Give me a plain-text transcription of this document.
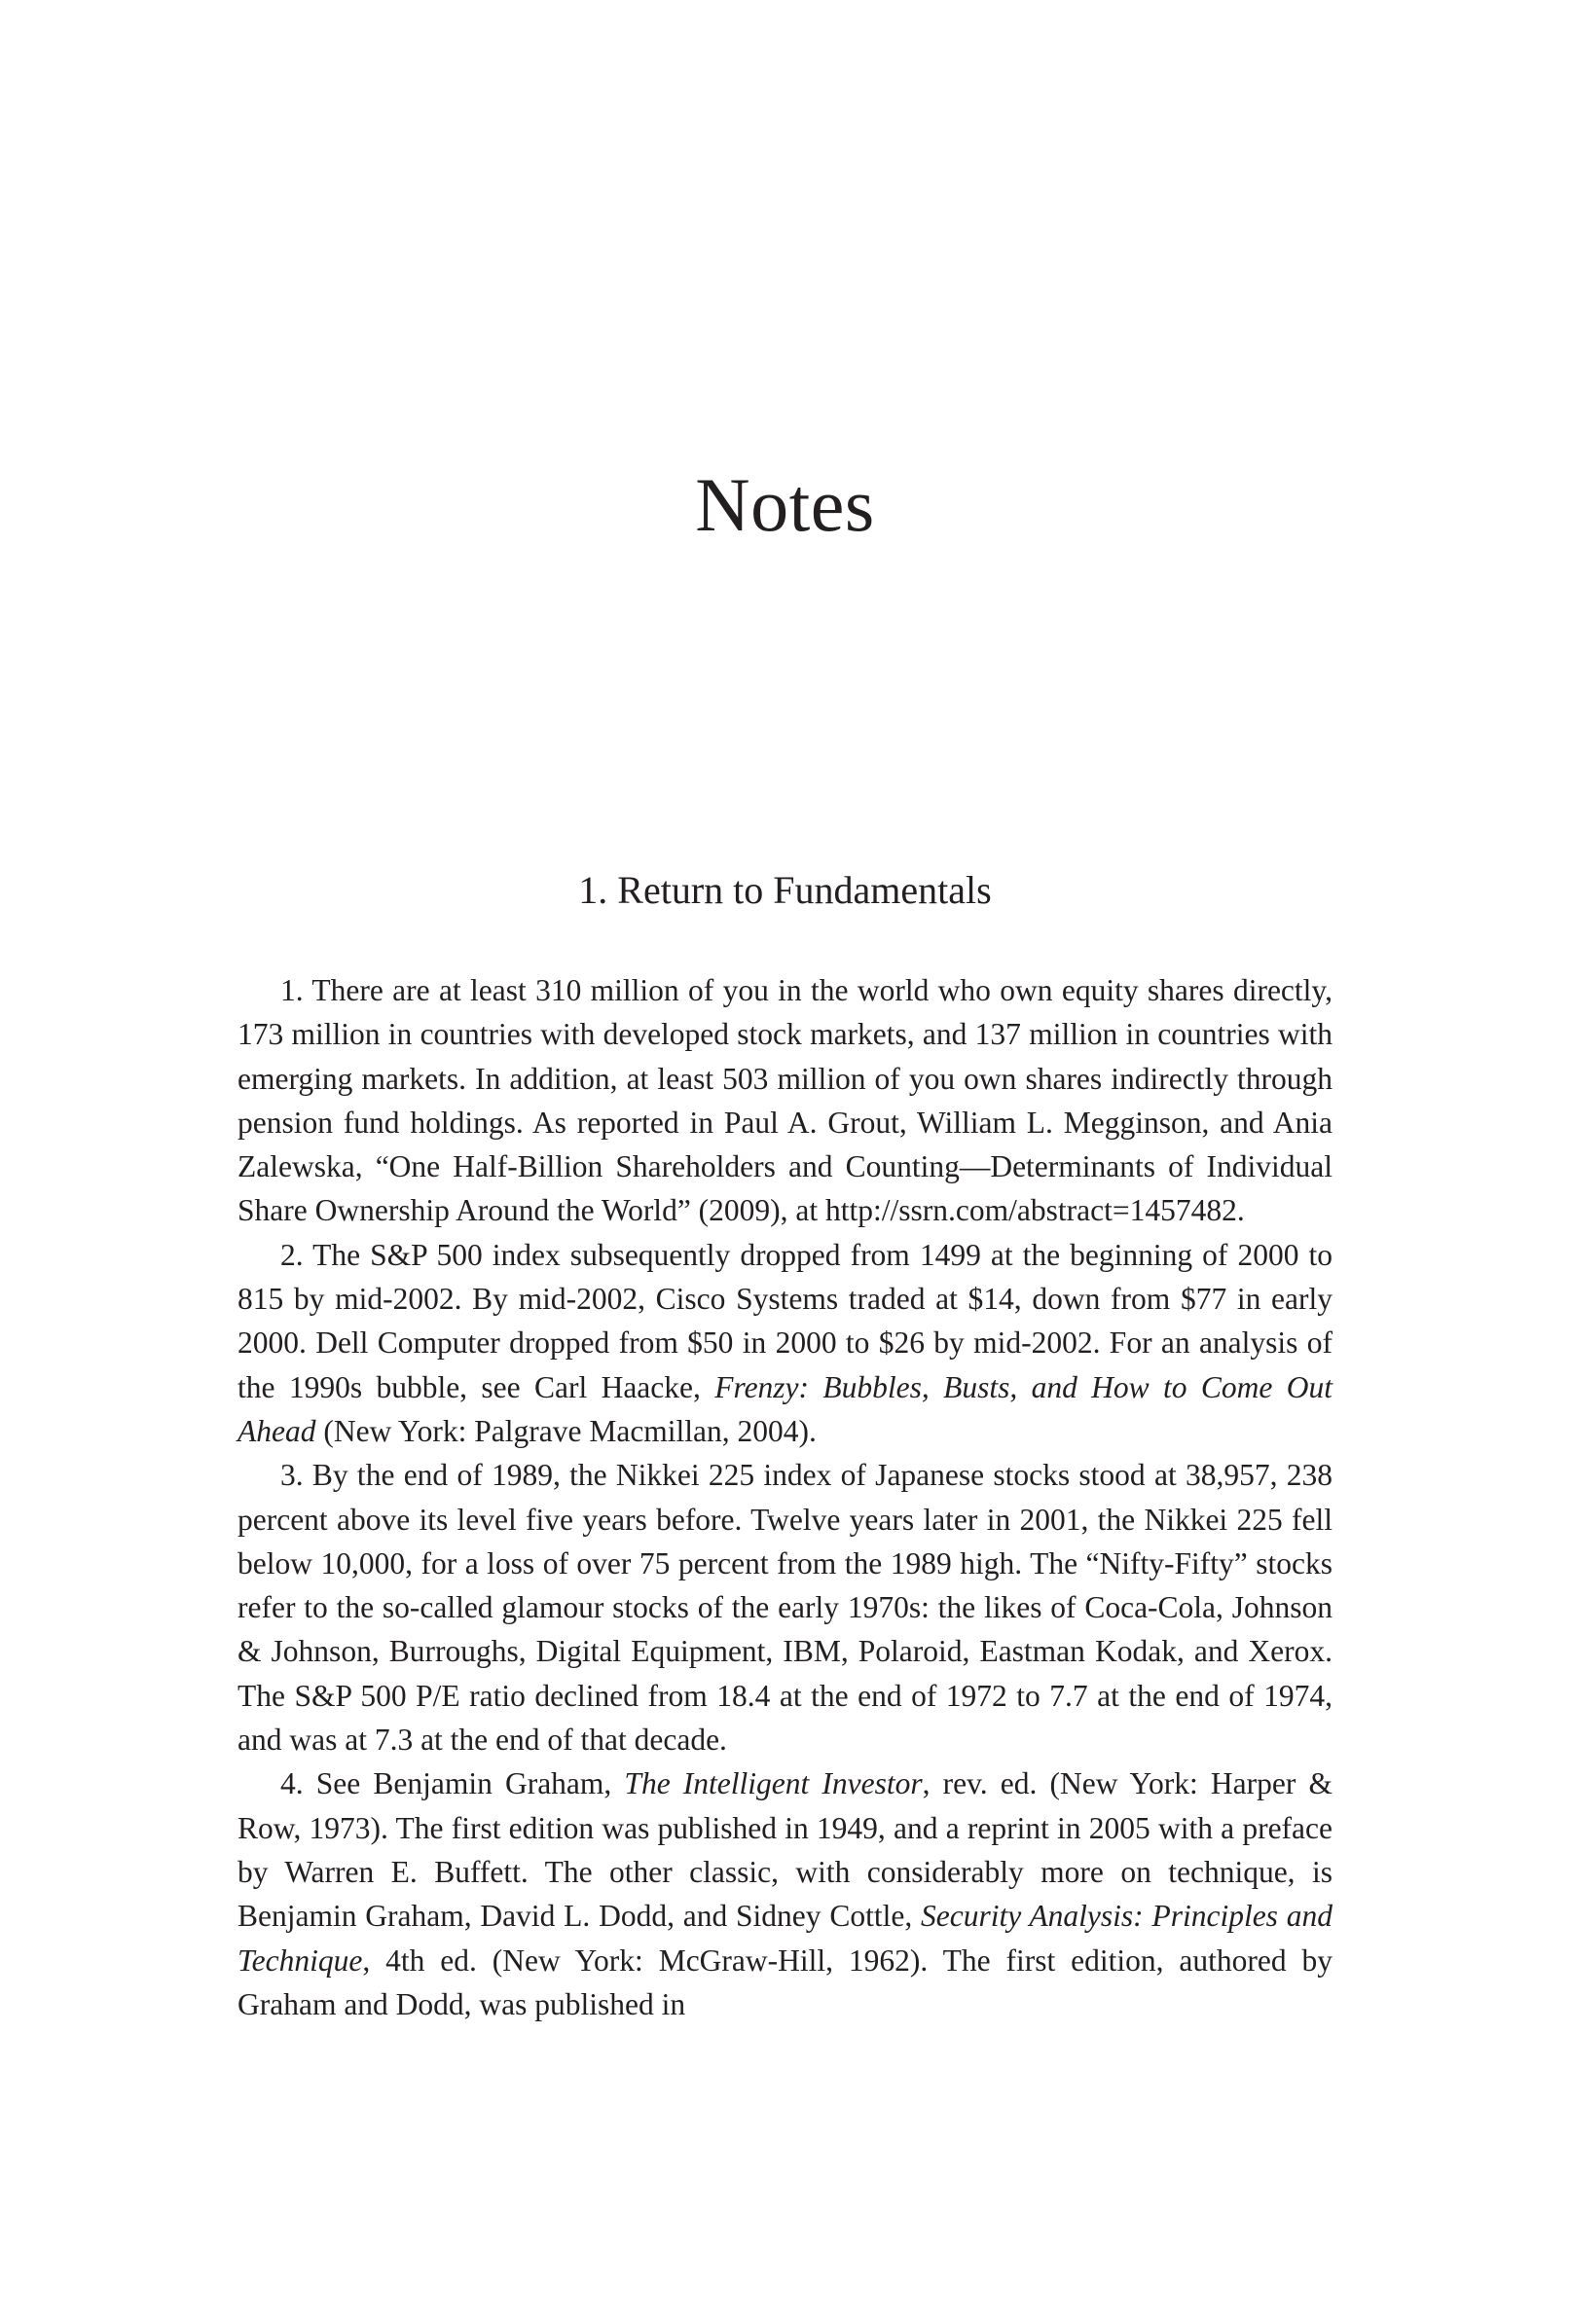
Notes
1. Return to Fundamentals

1. There are at least 310 million of you in the world who own equity shares directly, 173 million in countries with developed stock markets, and 137 million in countries with emerging markets. In addition, at least 503 million of you own shares indirectly through pension fund holdings. As reported in Paul A. Grout, William L. Megginson, and Ania Zalewska, “One Half-Billion Shareholders and Counting—Determinants of Individual Share Ownership Around the World” (2009), at http://ssrn.com/abstract=1457482.

2. The S&P 500 index subsequently dropped from 1499 at the beginning of 2000 to 815 by mid-2002. By mid-2002, Cisco Systems traded at $14, down from $77 in early 2000. Dell Computer dropped from $50 in 2000 to $26 by mid-2002. For an analysis of the 1990s bubble, see Carl Haacke, Frenzy: Bubbles, Busts, and How to Come Out Ahead (New York: Palgrave Macmillan, 2004).

3. By the end of 1989, the Nikkei 225 index of Japanese stocks stood at 38,957, 238 percent above its level five years before. Twelve years later in 2001, the Nikkei 225 fell below 10,000, for a loss of over 75 percent from the 1989 high. The “Nifty-Fifty” stocks refer to the so-called glamour stocks of the early 1970s: the likes of Coca-Cola, Johnson & Johnson, Burroughs, Digital Equipment, IBM, Polaroid, Eastman Kodak, and Xerox. The S&P 500 P/E ratio declined from 18.4 at the end of 1972 to 7.7 at the end of 1974, and was at 7.3 at the end of that decade.

4. See Benjamin Graham, The Intelligent Investor, rev. ed. (New York: Harper & Row, 1973). The first edition was published in 1949, and a reprint in 2005 with a preface by Warren E. Buffett. The other classic, with considerably more on technique, is Benjamin Graham, David L. Dodd, and Sidney Cottle, Security Analysis: Principles and Technique, 4th ed. (New York: McGraw-Hill, 1962). The first edition, authored by Graham and Dodd, was published in
